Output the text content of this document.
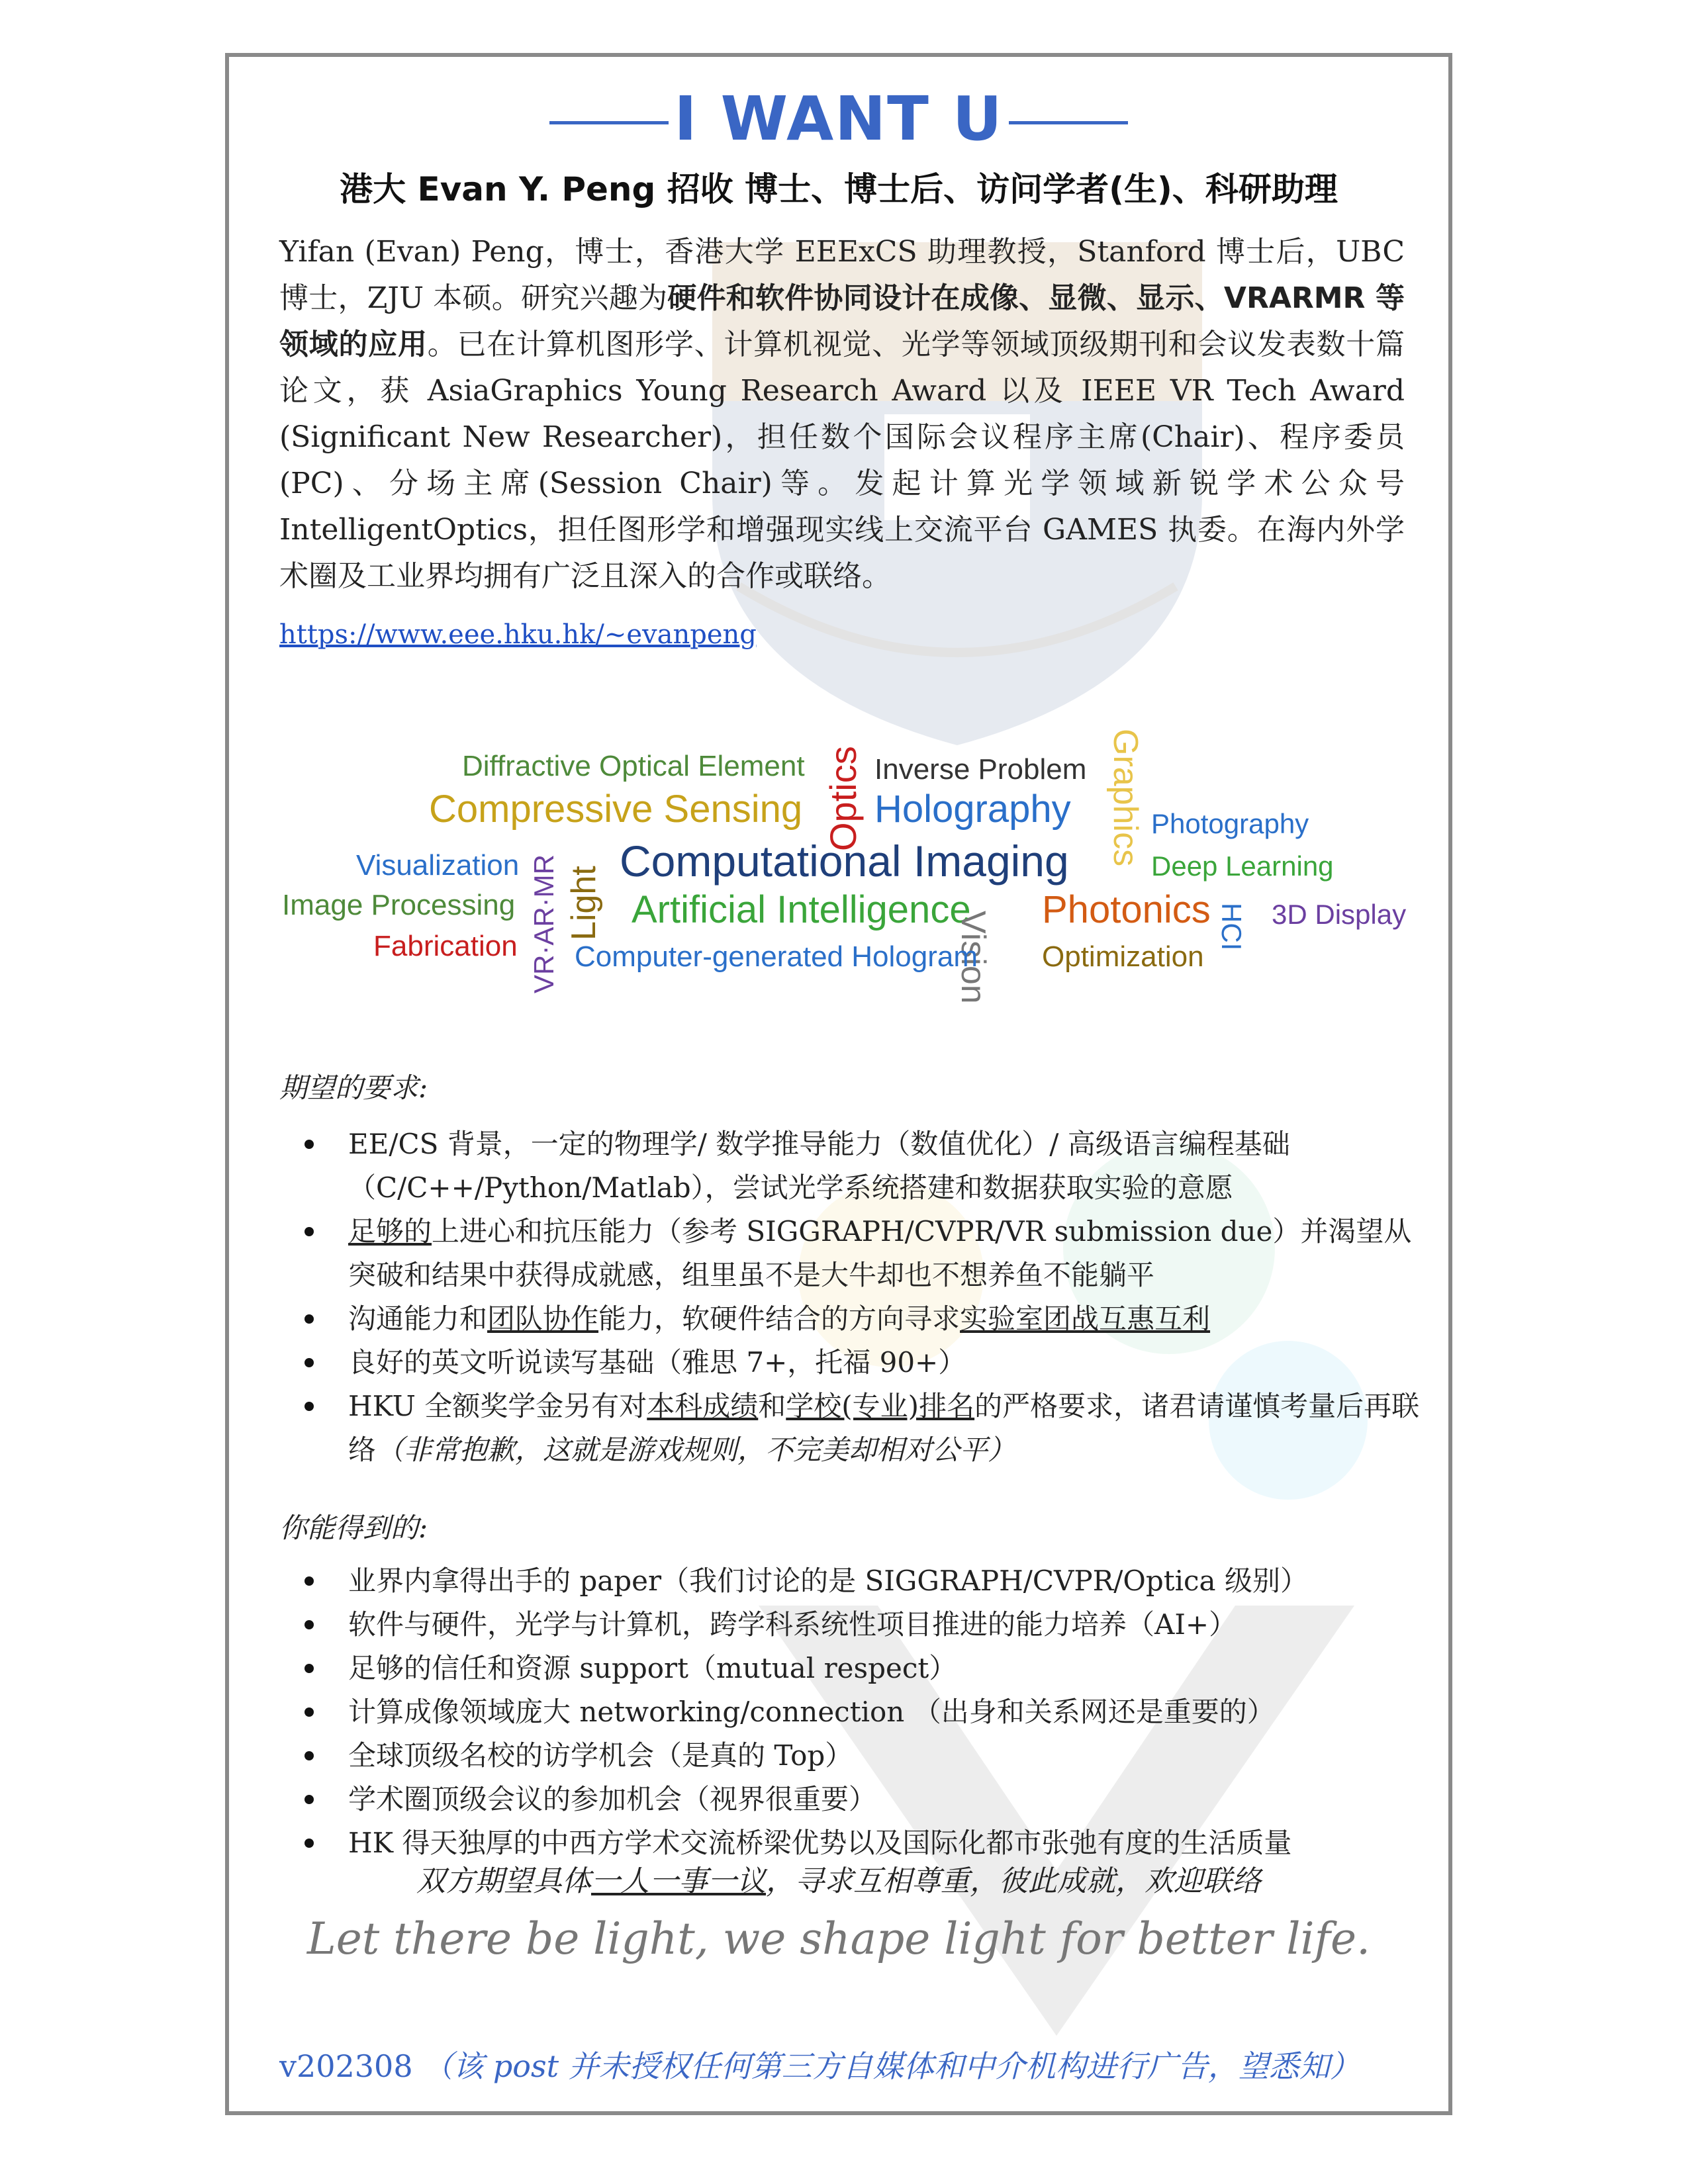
I WANT U
港大 Evan Y. Peng 招收 博士、博士后、访问学者(生)、科研助理
Yifan (Evan) Peng，博士，香港大学 EEExCS 助理教授，Stanford 博士后，UBC 博士，ZJU 本硕。研究兴趣为硬件和软件协同设计在成像、显微、显示、VRARMR 等领域的应用。已在计算机图形学、计算机视觉、光学等领域顶级期刊和会议发表数十篇论文，获 AsiaGraphics Young Research Award 以及 IEEE VR Tech Award (Significant New Researcher)，担任数个国际会议程序主席(Chair)、程序委员(PC)、分场主席(Session Chair)等。发起计算光学领域新锐学术公众号 IntelligentOptics，担任图形学和增强现实线上交流平台 GAMES 执委。在海内外学术圈及工业界均拥有广泛且深入的合作或联络。
https://www.eee.hku.hk/~evanpeng
Diffractive Optical Element
Compressive Sensing Optics Inverse Problem
Holography Graphics Photography
Visualization VR·AR·MR Light
Computational Imaging	Deep Learning
Image Processing	Artificial Intelligence
Vision
Photonics HCI 3D Display
Fabrication Computer-generated Hologram Optimization
期望的要求:
EE/CS 背景，一定的物理学/ 数学推导能力（数值优化）/ 高级语言编程基础（C/C++/Python/Matlab），尝试光学系统搭建和数据获取实验的意愿
足够的上进心和抗压能力（参考 SIGGRAPH/CVPR/VR submission due）并渴望从突破和结果中获得成就感，组里虽不是大牛却也不想养鱼不能躺平
沟通能力和团队协作能力，软硬件结合的方向寻求实验室团战互惠互利
良好的英文听说读写基础（雅思 7+，托福 90+）
HKU 全额奖学金另有对本科成绩和学校(专业)排名的严格要求，诸君请谨慎考量后再联络（非常抱歉，这就是游戏规则，不完美却相对公平）
你能得到的:
业界内拿得出手的 paper（我们讨论的是 SIGGRAPH/CVPR/Optica 级别）
软件与硬件，光学与计算机，跨学科系统性项目推进的能力培养（AI+）
足够的信任和资源 support（mutual respect）
计算成像领域庞大 networking/connection （出身和关系网还是重要的）
全球顶级名校的访学机会（是真的 Top）
学术圈顶级会议的参加机会（视界很重要）
HK 得天独厚的中西方学术交流桥梁优势以及国际化都市张弛有度的生活质量
双方期望具体一人一事一议，寻求互相尊重，彼此成就，欢迎联络
Let there be light, we shape light for better life.
v202308 （该 post 并未授权任何第三方自媒体和中介机构进行广告，望悉知）
